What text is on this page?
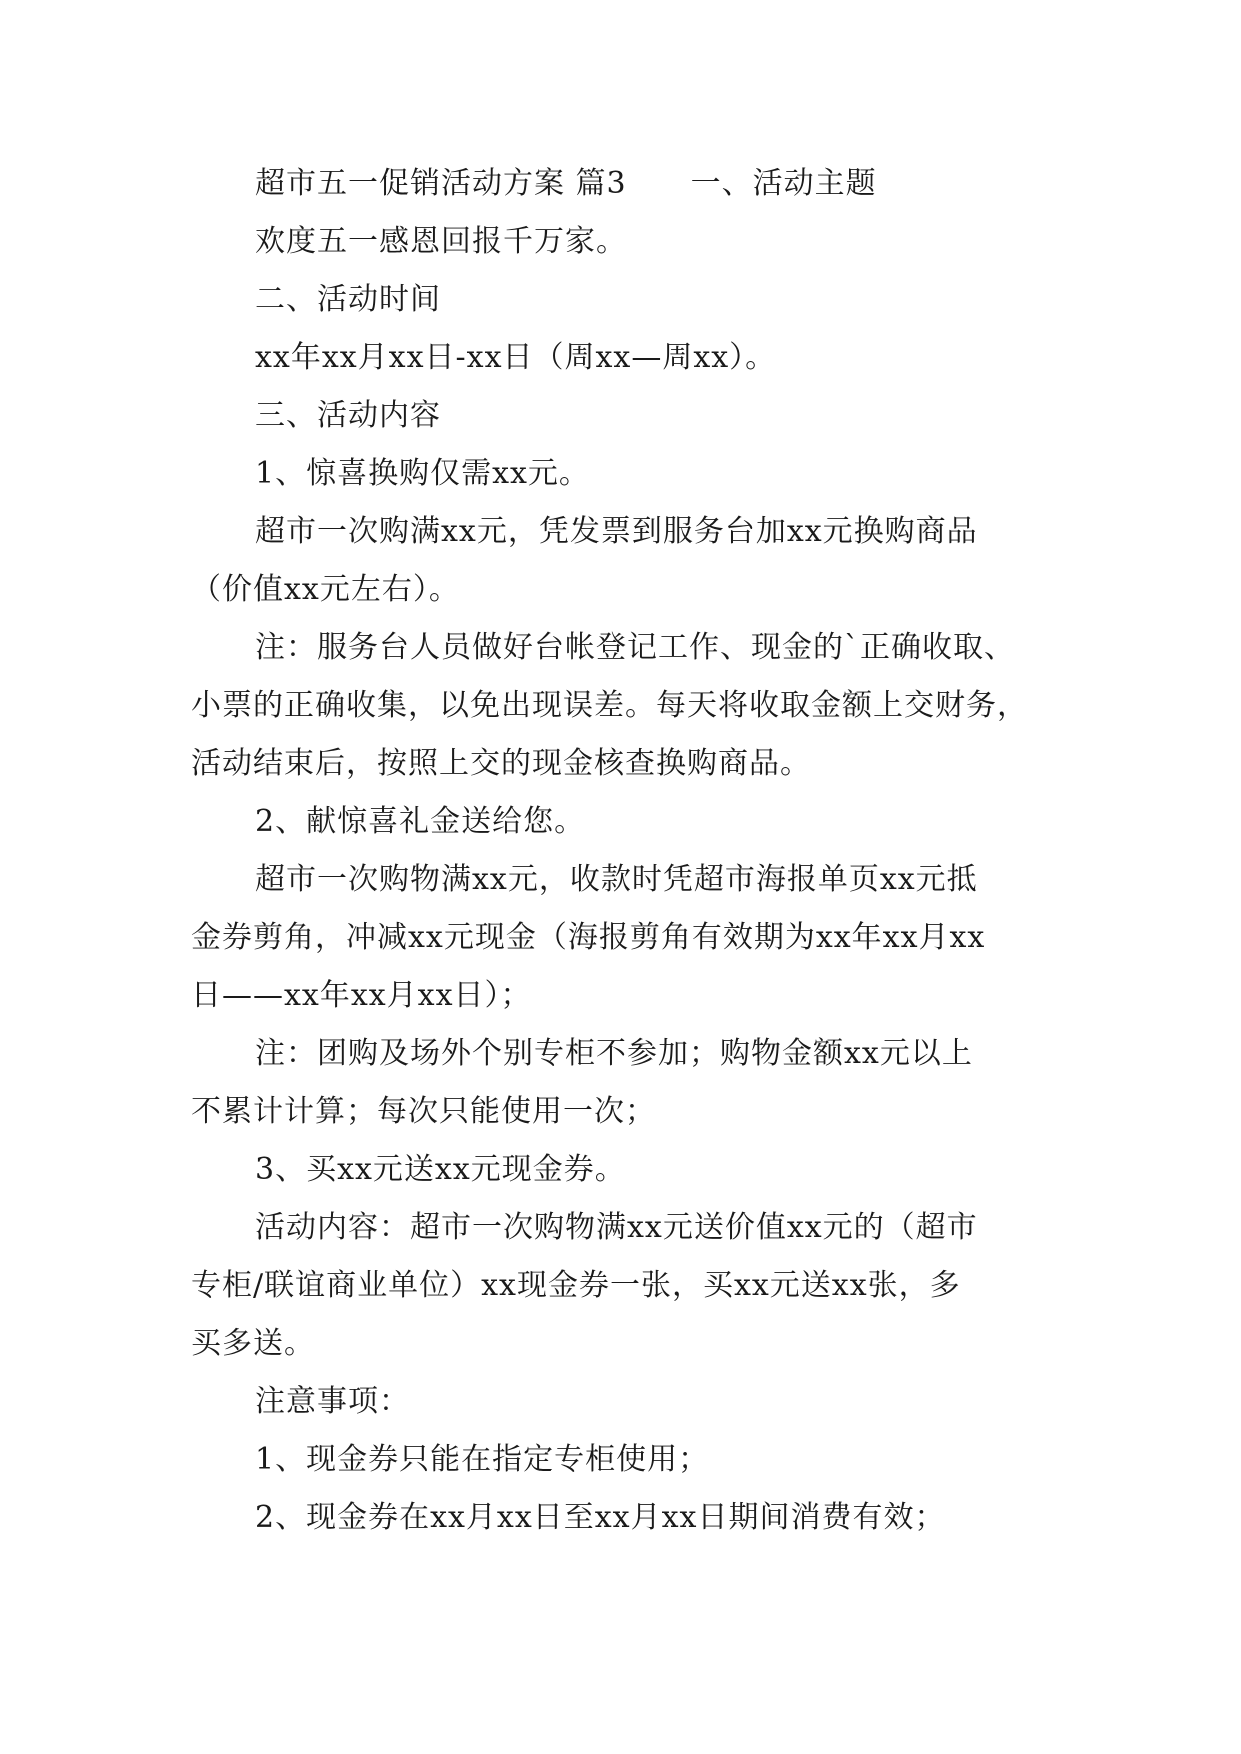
超市五一促销活动方案 篇3 一、活动主题
欢度五一感恩回报千万家。
二、活动时间
xx年xx月xx日-xx日（周xx—周xx）。
三、活动内容
1、惊喜换购仅需xx元。
超市一次购满xx元，凭发票到服务台加xx元换购商品
（价值xx元左右）。
注：服务台人员做好台帐登记工作、现金的`正确收取、
小票的正确收集，以免出现误差。每天将收取金额上交财务，
活动结束后，按照上交的现金核查换购商品。
2、献惊喜礼金送给您。
超市一次购物满xx元，收款时凭超市海报单页xx元抵
金券剪角，冲减xx元现金（海报剪角有效期为xx年xx月xx
日——xx年xx月xx日）；
注：团购及场外个别专柜不参加；购物金额xx元以上
不累计计算；每次只能使用一次；
3、买xx元送xx元现金券。
活动内容：超市一次购物满xx元送价值xx元的（超市
专柜/联谊商业单位）xx现金券一张，买xx元送xx张，多
买多送。
注意事项：
1、现金券只能在指定专柜使用；
2、现金券在xx月xx日至xx月xx日期间消费有效；
